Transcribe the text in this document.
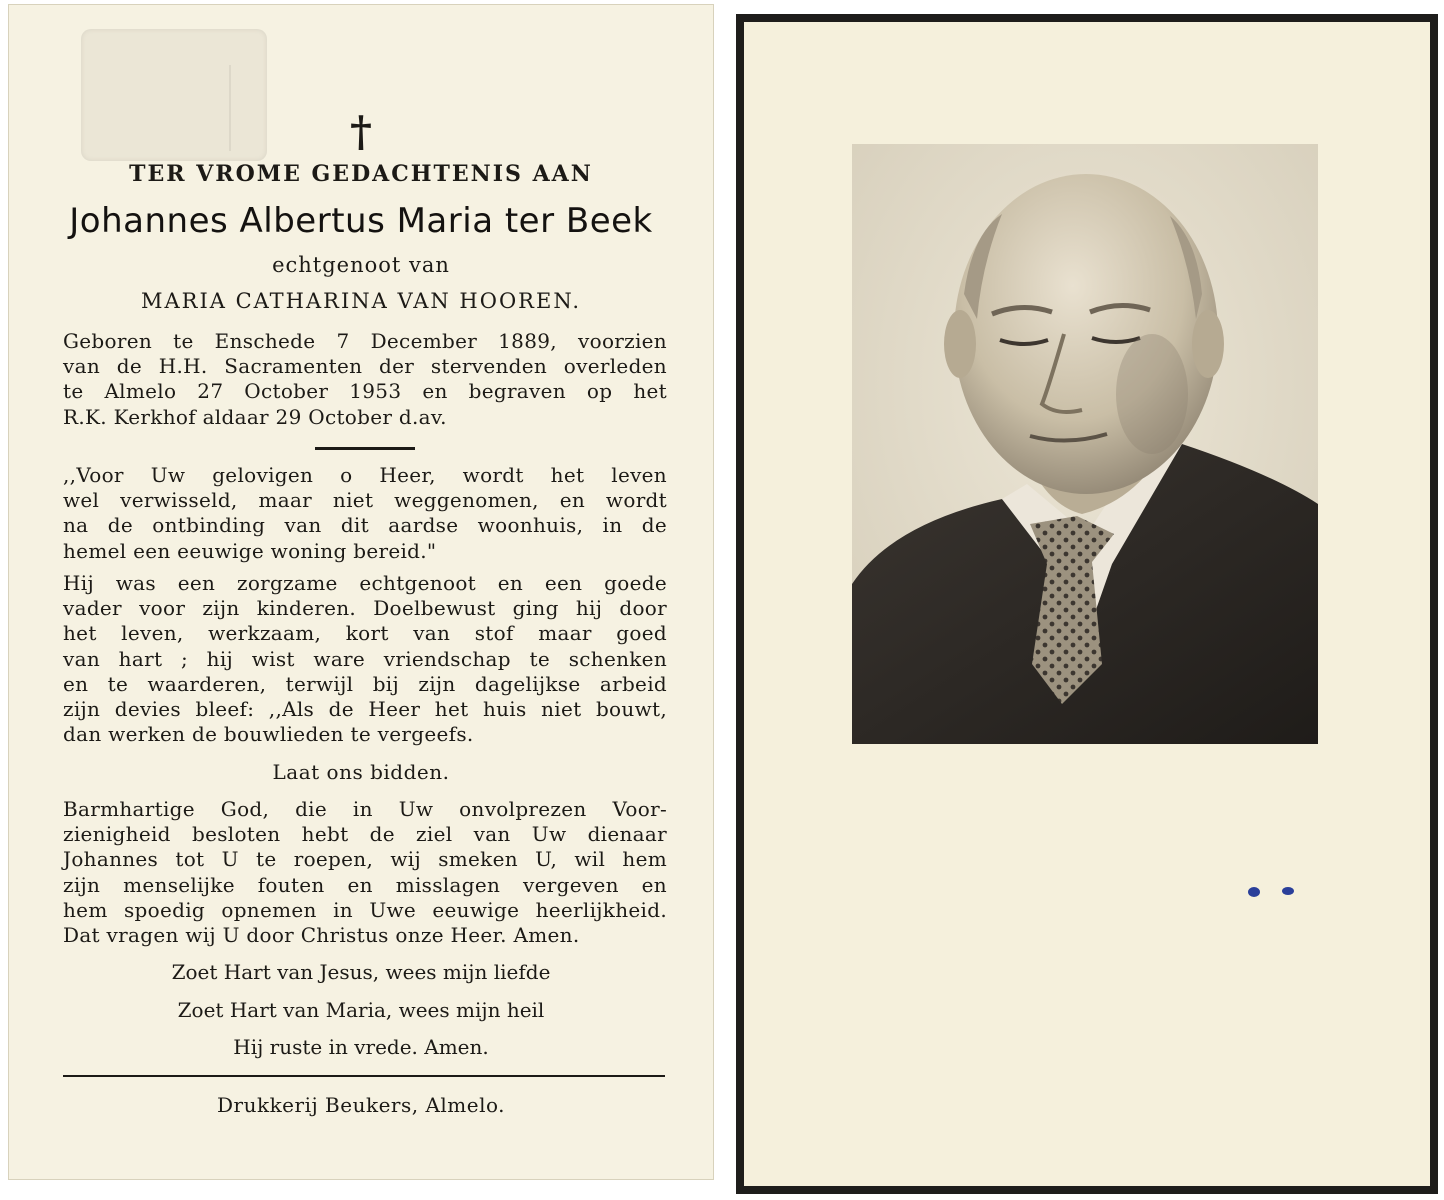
†
TER VROME GEDACHTENIS AAN
Johannes Albertus Maria ter Beek
echtgenoot van
MARIA CATHARINA VAN HOOREN.
Geboren te Enschede 7 December 1889, voorzien
van de H.H. Sacramenten der stervenden overleden
te Almelo 27 October 1953 en begraven op het
R.K. Kerkhof aldaar 29 October d.av.
,,Voor Uw gelovigen o Heer, wordt het leven
wel verwisseld, maar niet weggenomen, en wordt
na de ontbinding van dit aardse woonhuis, in de
hemel een eeuwige woning bereid."
Hij was een zorgzame echtgenoot en een goede
vader voor zijn kinderen. Doelbewust ging hij door
het leven, werkzaam, kort van stof maar goed
van hart ; hij wist ware vriendschap te schenken
en te waarderen, terwijl bij zijn dagelijkse arbeid
zijn devies bleef: ,,Als de Heer het huis niet bouwt,
dan werken de bouwlieden te vergeefs.
Laat ons bidden.
Barmhartige God, die in Uw onvolprezen Voor-
zienigheid besloten hebt de ziel van Uw dienaar
Johannes tot U te roepen, wij smeken U, wil hem
zijn menselijke fouten en misslagen vergeven en
hem spoedig opnemen in Uwe eeuwige heerlijkheid.
Dat vragen wij U door Christus onze Heer. Amen.
Zoet Hart van Jesus, wees mijn liefde
Zoet Hart van Maria, wees mijn heil
Hij ruste in vrede. Amen.
Drukkerij Beukers, Almelo.
